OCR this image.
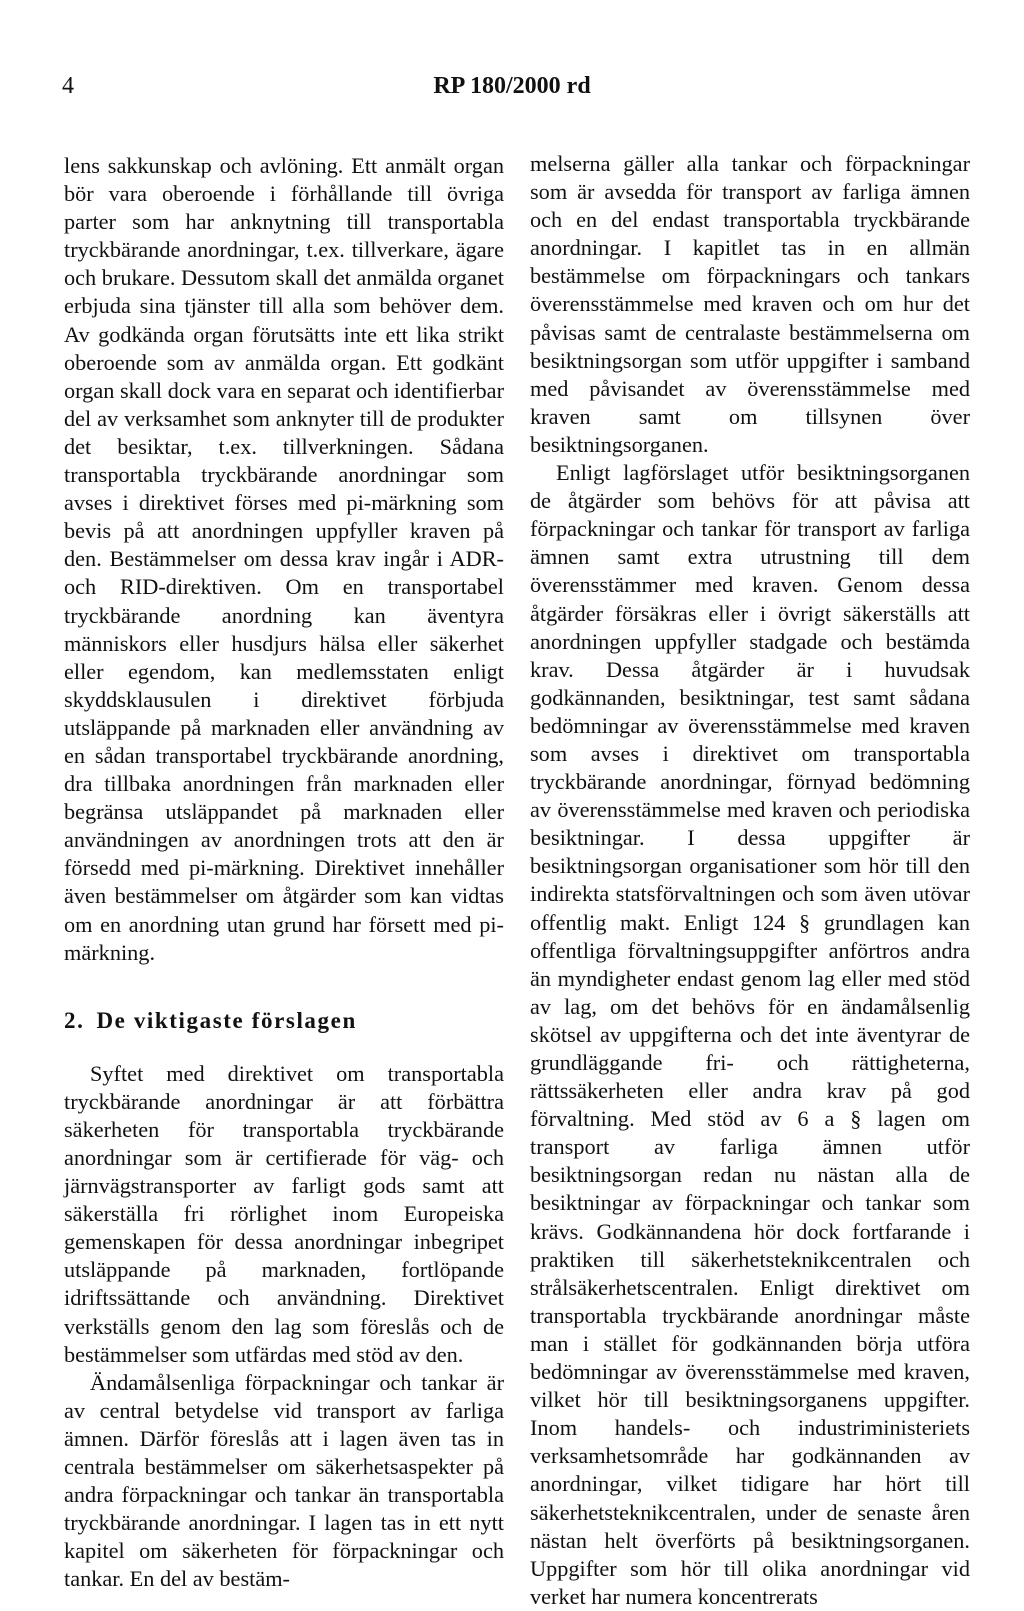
4	RP 180/2000 rd

lens sakkunskap och avlöning. Ett anmält organ bör vara oberoende i förhållande till övriga parter som har anknytning till transportabla tryckbärande anordningar, t.ex. tillverkare, ägare och brukare. Dessutom skall det anmälda organet erbjuda sina tjänster till alla som behöver dem. Av godkända organ förutsätts inte ett lika strikt oberoende som av anmälda organ. Ett godkänt organ skall dock vara en separat och identifierbar del av verksamhet som anknyter till de produkter det besiktar, t.ex. tillverkningen. Sådana transportabla tryckbärande anordningar som avses i direktivet förses med pi-märkning som bevis på att anordningen uppfyller kraven på den. Bestämmelser om dessa krav ingår i ADR- och RID-direktiven. Om en transportabel tryckbärande anordning kan äventyra människors eller husdjurs hälsa eller säkerhet eller egendom, kan medlemsstaten enligt skyddsklausulen i direktivet förbjuda utsläppande på marknaden eller användning av en sådan transportabel tryckbärande anordning, dra tillbaka anordningen från marknaden eller begränsa utsläppandet på marknaden eller användningen av anordningen trots att den är försedd med pi-märkning. Direktivet innehåller även bestämmelser om åtgärder som kan vidtas om en anordning utan grund har försett med pi-märkning.

2. De viktigaste förslagen

Syftet med direktivet om transportabla tryckbärande anordningar är att förbättra säkerheten för transportabla tryckbärande anordningar som är certifierade för väg- och järnvägstransporter av farligt gods samt att säkerställa fri rörlighet inom Europeiska gemenskapen för dessa anordningar inbegripet utsläppande på marknaden, fortlöpande idriftssättande och användning. Direktivet verkställs genom den lag som föreslås och de bestämmelser som utfärdas med stöd av den.

Ändamålsenliga förpackningar och tankar är av central betydelse vid transport av farliga ämnen. Därför föreslås att i lagen även tas in centrala bestämmelser om säkerhetsaspekter på andra förpackningar och tankar än transportabla tryckbärande anordningar. I lagen tas in ett nytt kapitel om säkerheten för förpackningar och tankar. En del av bestäm-

melserna gäller alla tankar och förpackningar som är avsedda för transport av farliga ämnen och en del endast transportabla tryckbärande anordningar. I kapitlet tas in en allmän bestämmelse om förpackningars och tankars överensstämmelse med kraven och om hur det påvisas samt de centralaste bestämmelserna om besiktningsorgan som utför uppgifter i samband med påvisandet av överensstämmelse med kraven samt om tillsynen över besiktningsorganen.

Enligt lagförslaget utför besiktningsorganen de åtgärder som behövs för att påvisa att förpackningar och tankar för transport av farliga ämnen samt extra utrustning till dem överensstämmer med kraven. Genom dessa åtgärder försäkras eller i övrigt säkerställs att anordningen uppfyller stadgade och bestämda krav. Dessa åtgärder är i huvudsak godkännanden, besiktningar, test samt sådana bedömningar av överensstämmelse med kraven som avses i direktivet om transportabla tryckbärande anordningar, förnyad bedömning av överensstämmelse med kraven och periodiska besiktningar. I dessa uppgifter är besiktningsorgan organisationer som hör till den indirekta statsförvaltningen och som även utövar offentlig makt. Enligt 124 § grundlagen kan offentliga förvaltningsuppgifter anförtros andra än myndigheter endast genom lag eller med stöd av lag, om det behövs för en ändamålsenlig skötsel av uppgifterna och det inte äventyrar de grundläggande fri- och rättigheterna, rättssäkerheten eller andra krav på god förvaltning. Med stöd av 6 a § lagen om transport av farliga ämnen utför besiktningsorgan redan nu nästan alla de besiktningar av förpackningar och tankar som krävs. Godkännandena hör dock fortfarande i praktiken till säkerhetsteknikcentralen och strålsäkerhetscentralen. Enligt direktivet om transportabla tryckbärande anordningar måste man i stället för godkännanden börja utföra bedömningar av överensstämmelse med kraven, vilket hör till besiktningsorganens uppgifter. Inom handels- och industriministeriets verksamhetsområde har godkännanden av anordningar, vilket tidigare har hört till säkerhetsteknikcentralen, under de senaste åren nästan helt överförts på besiktningsorganen. Uppgifter som hör till olika anordningar vid verket har numera koncentrerats
